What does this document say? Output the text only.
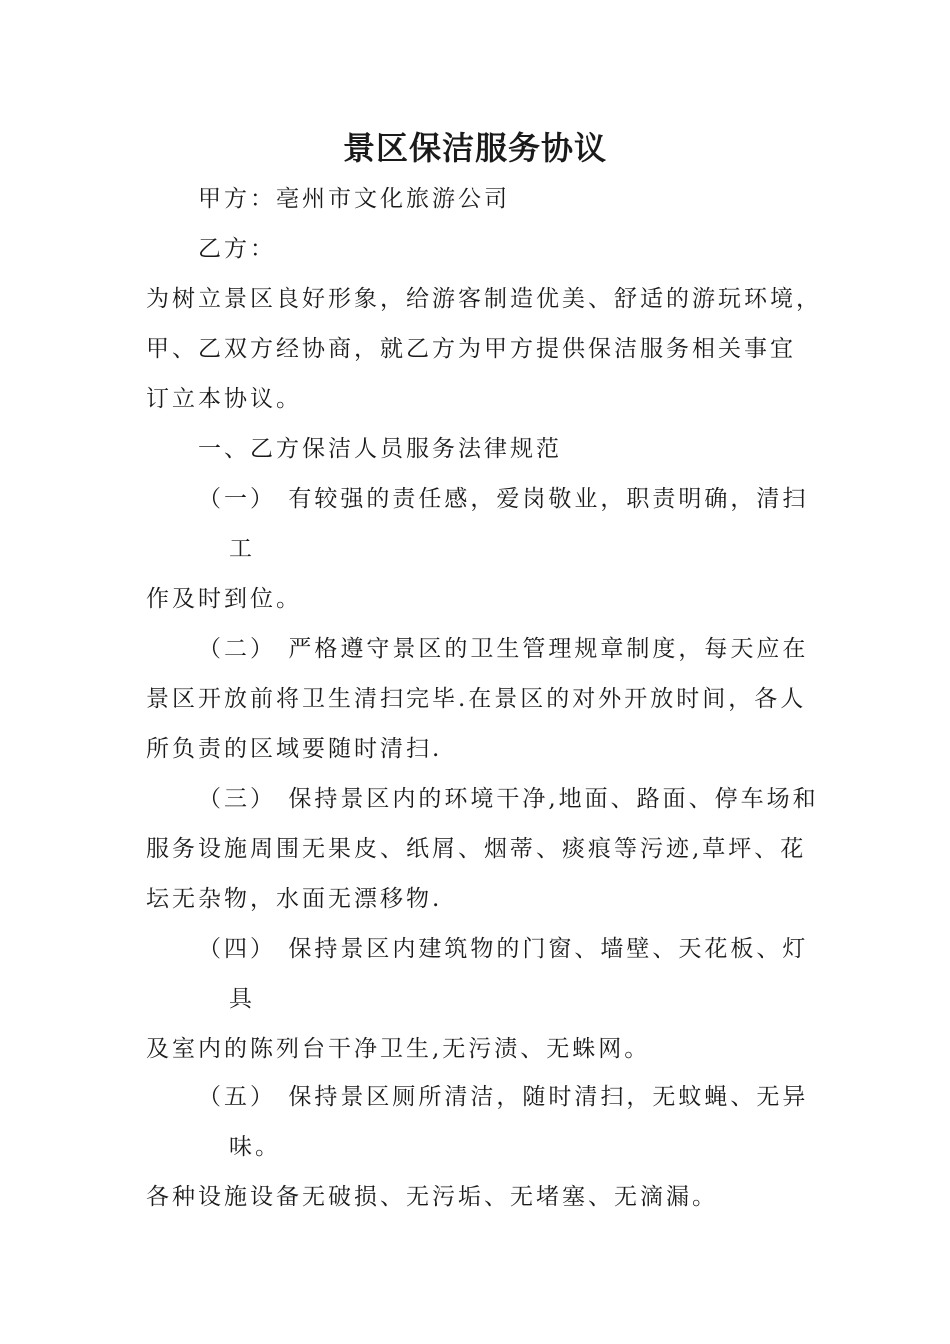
景区保洁服务协议
甲方：亳州市文化旅游公司
乙方：
为树立景区良好形象，给游客制造优美、舒适的游玩环境，
甲、乙双方经协商，就乙方为甲方提供保洁服务相关事宜
订立本协议。
一、乙方保洁人员服务法律规范
（一） 有较强的责任感，爱岗敬业，职责明确，清扫
工
作及时到位。
（二） 严格遵守景区的卫生管理规章制度，每天应在
景区开放前将卫生清扫完毕.在景区的对外开放时间，各人
所负责的区域要随时清扫.
（三） 保持景区内的环境干净,地面、路面、停车场和
服务设施周围无果皮、纸屑、烟蒂、痰痕等污迹,草坪、花
坛无杂物，水面无漂移物.
（四） 保持景区内建筑物的门窗、墙壁、天花板、灯
具
及室内的陈列台干净卫生,无污渍、无蛛网。
（五） 保持景区厕所清洁，随时清扫，无蚊蝇、无异
味。
各种设施设备无破损、无污垢、无堵塞、无滴漏。
